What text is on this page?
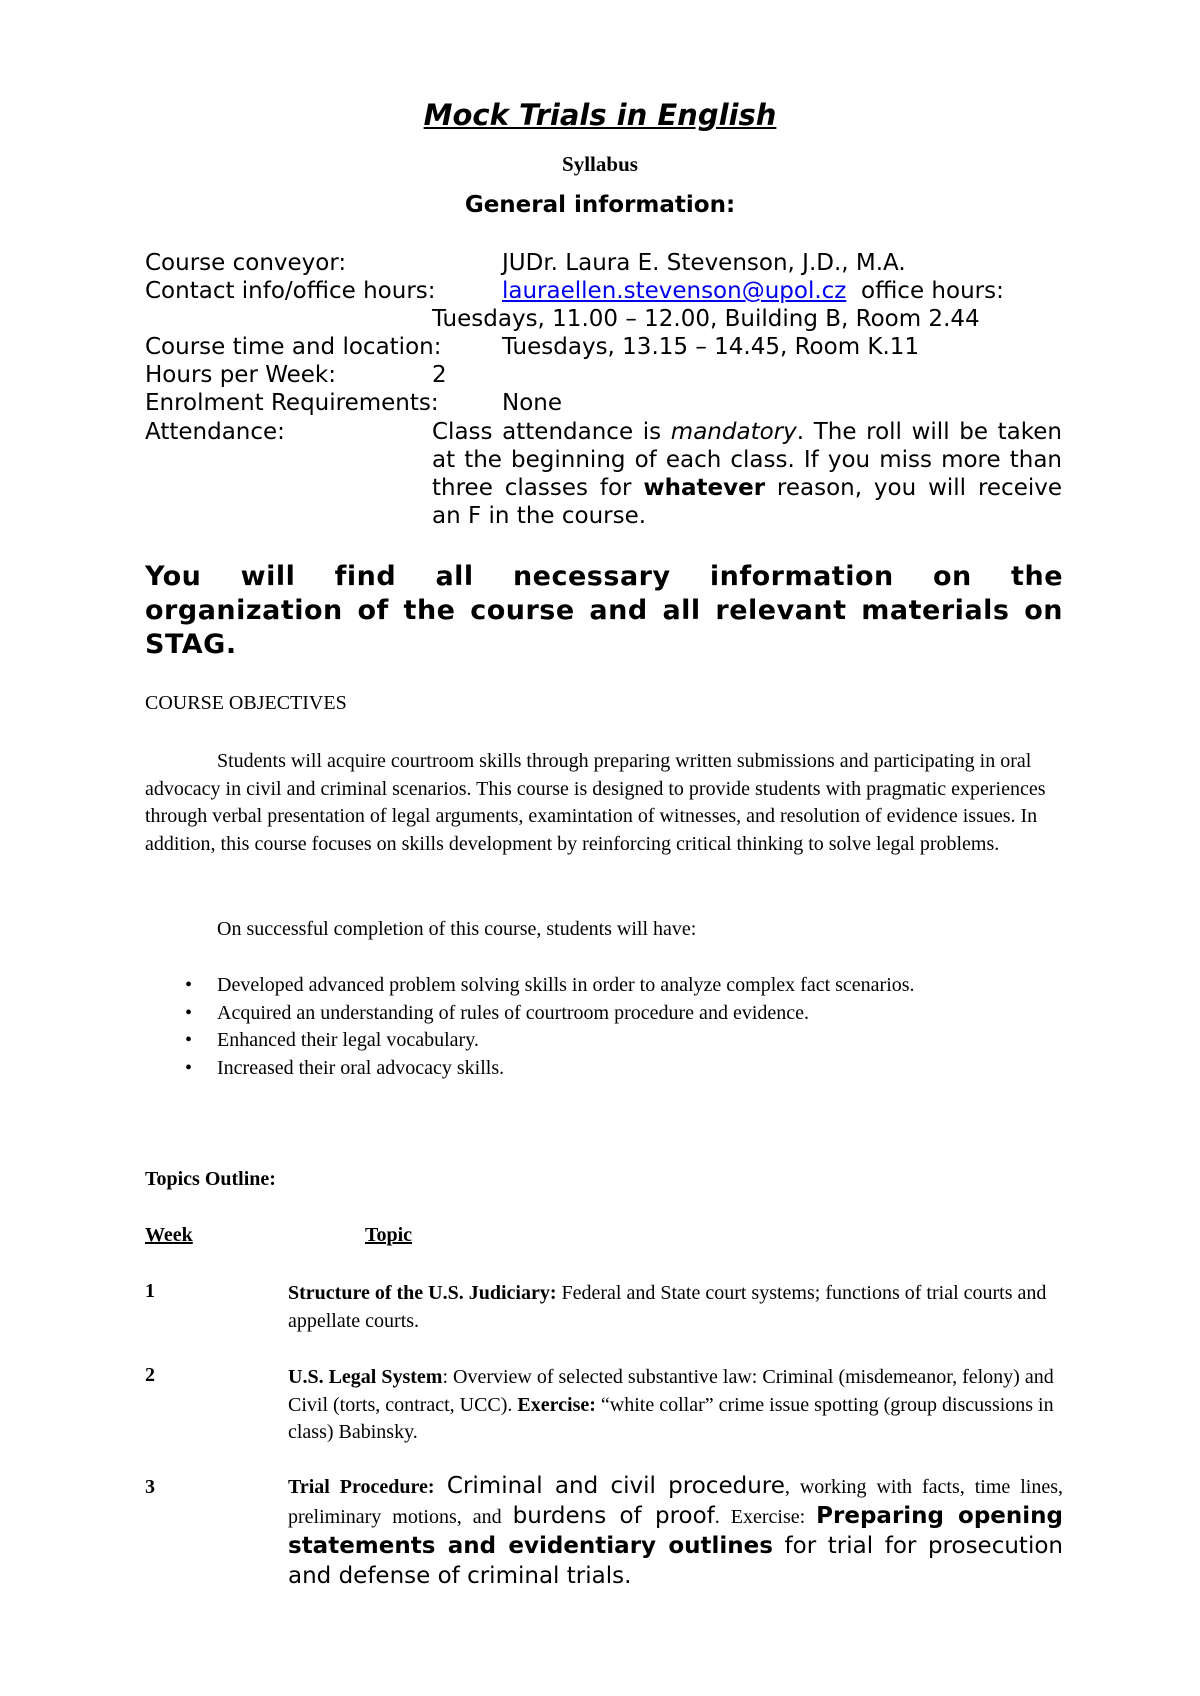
Mock Trials in English
Syllabus
General information:
Course conveyor:	JUDr. Laura E. Stevenson, J.D., M.A.
Contact info/office hours:	lauraellen.stevenson@upol.cz office hours:
Tuesdays, 11.00 – 12.00, Building B, Room 2.44
Course time and location:	Tuesdays, 13.15 – 14.45, Room K.11
Hours per Week:	2
Enrolment Requirements:	None
Attendance:	Class attendance is mandatory. The roll will be taken at the beginning of each class. If you miss more than three classes for whatever reason, you will receive an F in the course.
You will find all necessary information on the organization of the course and all relevant materials on STAG.
COURSE OBJECTIVES
Students will acquire courtroom skills through preparing written submissions and participating in oral advocacy in civil and criminal scenarios. This course is designed to provide students with pragmatic experiences through verbal presentation of legal arguments, examintation of witnesses, and resolution of evidence issues. In addition, this course focuses on skills development by reinforcing critical thinking to solve legal problems.
On successful completion of this course, students will have:
• Developed advanced problem solving skills in order to analyze complex fact scenarios.
• Acquired an understanding of rules of courtroom procedure and evidence.
• Enhanced their legal vocabulary.
• Increased their oral advocacy skills.
Topics Outline:
Week	Topic
1	Structure of the U.S. Judiciary: Federal and State court systems; functions of trial courts and appellate courts.
2	U.S. Legal System: Overview of selected substantive law: Criminal (misdemeanor, felony) and Civil (torts, contract, UCC). Exercise: “white collar” crime issue spotting (group discussions in class) Babinsky.
3	Trial Procedure: Criminal and civil procedure, working with facts, time lines, preliminary motions, and burdens of proof. Exercise: Preparing opening statements and evidentiary outlines for trial for prosecution and defense of criminal trials.
